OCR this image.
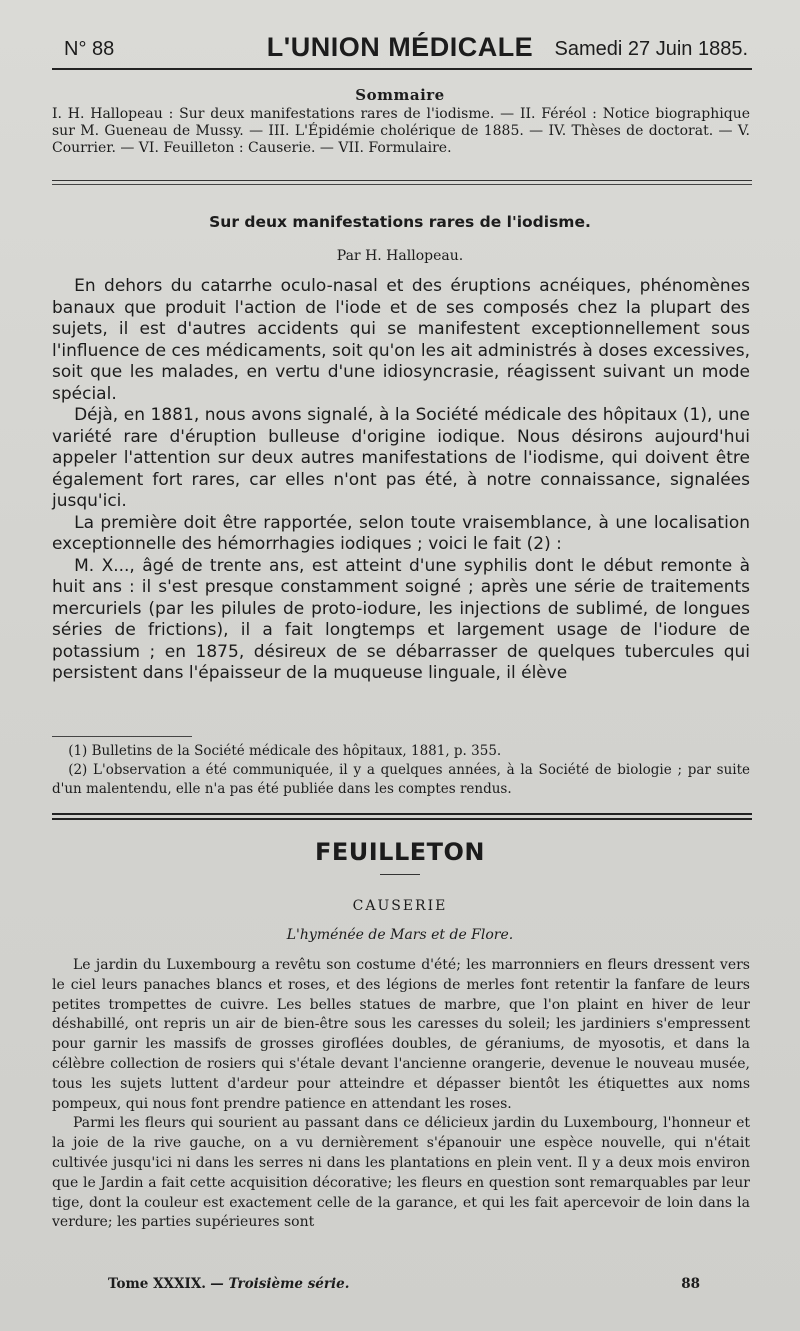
N° 88	L'UNION MÉDICALE	Samedi 27 Juin 1885.
Sommaire
I. H. Hallopeau : Sur deux manifestations rares de l'iodisme. — II. Féréol : Notice biographique sur M. Gueneau de Mussy. — III. L'Épidémie cholérique de 1885. — IV. Thèses de doctorat. — V. Courrier. — VI. Feuilleton : Causerie. — VII. Formulaire.
Sur deux manifestations rares de l'iodisme.
Par H. Hallopeau.

En dehors du catarrhe oculo-nasal et des éruptions acnéiques, phénomènes banaux que produit l'action de l'iode et de ses composés chez la plupart des sujets, il est d'autres accidents qui se manifestent exceptionnellement sous l'influence de ces médicaments, soit qu'on les ait administrés à doses excessives, soit que les malades, en vertu d'une idiosyncrasie, réagissent suivant un mode spécial.

Déjà, en 1881, nous avons signalé, à la Société médicale des hôpitaux (1), une variété rare d'éruption bulleuse d'origine iodique. Nous désirons aujourd'hui appeler l'attention sur deux autres manifestations de l'iodisme, qui doivent être également fort rares, car elles n'ont pas été, à notre connaissance, signalées jusqu'ici.

La première doit être rapportée, selon toute vraisemblance, à une localisation exceptionnelle des hémorrhagies iodiques ; voici le fait (2) :

M. X..., âgé de trente ans, est atteint d'une syphilis dont le début remonte à huit ans : il s'est presque constamment soigné ; après une série de traitements mercuriels (par les pilules de proto-iodure, les injections de sublimé, de longues séries de frictions), il a fait longtemps et largement usage de l'iodure de potassium ; en 1875, désireux de se débarrasser de quelques tubercules qui persistent dans l'épaisseur de la muqueuse linguale, il élève

(1) Bulletins de la Société médicale des hôpitaux, 1881, p. 355.

(2) L'observation a été communiquée, il y a quelques années, à la Société de biologie ; par suite d'un malentendu, elle n'a pas été publiée dans les comptes rendus.

FEUILLETON
CAUSERIE
L'hyménée de Mars et de Flore.

Le jardin du Luxembourg a revêtu son costume d'été; les marronniers en fleurs dressent vers le ciel leurs panaches blancs et roses, et des légions de merles font retentir la fanfare de leurs petites trompettes de cuivre. Les belles statues de marbre, que l'on plaint en hiver de leur déshabillé, ont repris un air de bien-être sous les caresses du soleil; les jardiniers s'empressent pour garnir les massifs de grosses giroflées doubles, de géraniums, de myosotis, et dans la célèbre collection de rosiers qui s'étale devant l'ancienne orangerie, devenue le nouveau musée, tous les sujets luttent d'ardeur pour atteindre et dépasser bientôt les étiquettes aux noms pompeux, qui nous font prendre patience en attendant les roses.

Parmi les fleurs qui sourient au passant dans ce délicieux jardin du Luxembourg, l'honneur et la joie de la rive gauche, on a vu dernièrement s'épanouir une espèce nouvelle, qui n'était cultivée jusqu'ici ni dans les serres ni dans les plantations en plein vent. Il y a deux mois environ que le Jardin a fait cette acquisition décorative; les fleurs en question sont remarquables par leur tige, dont la couleur est exactement celle de la garance, et qui les fait apercevoir de loin dans la verdure; les parties supérieures sont

Tome XXXIX. — Troisième série.	88
